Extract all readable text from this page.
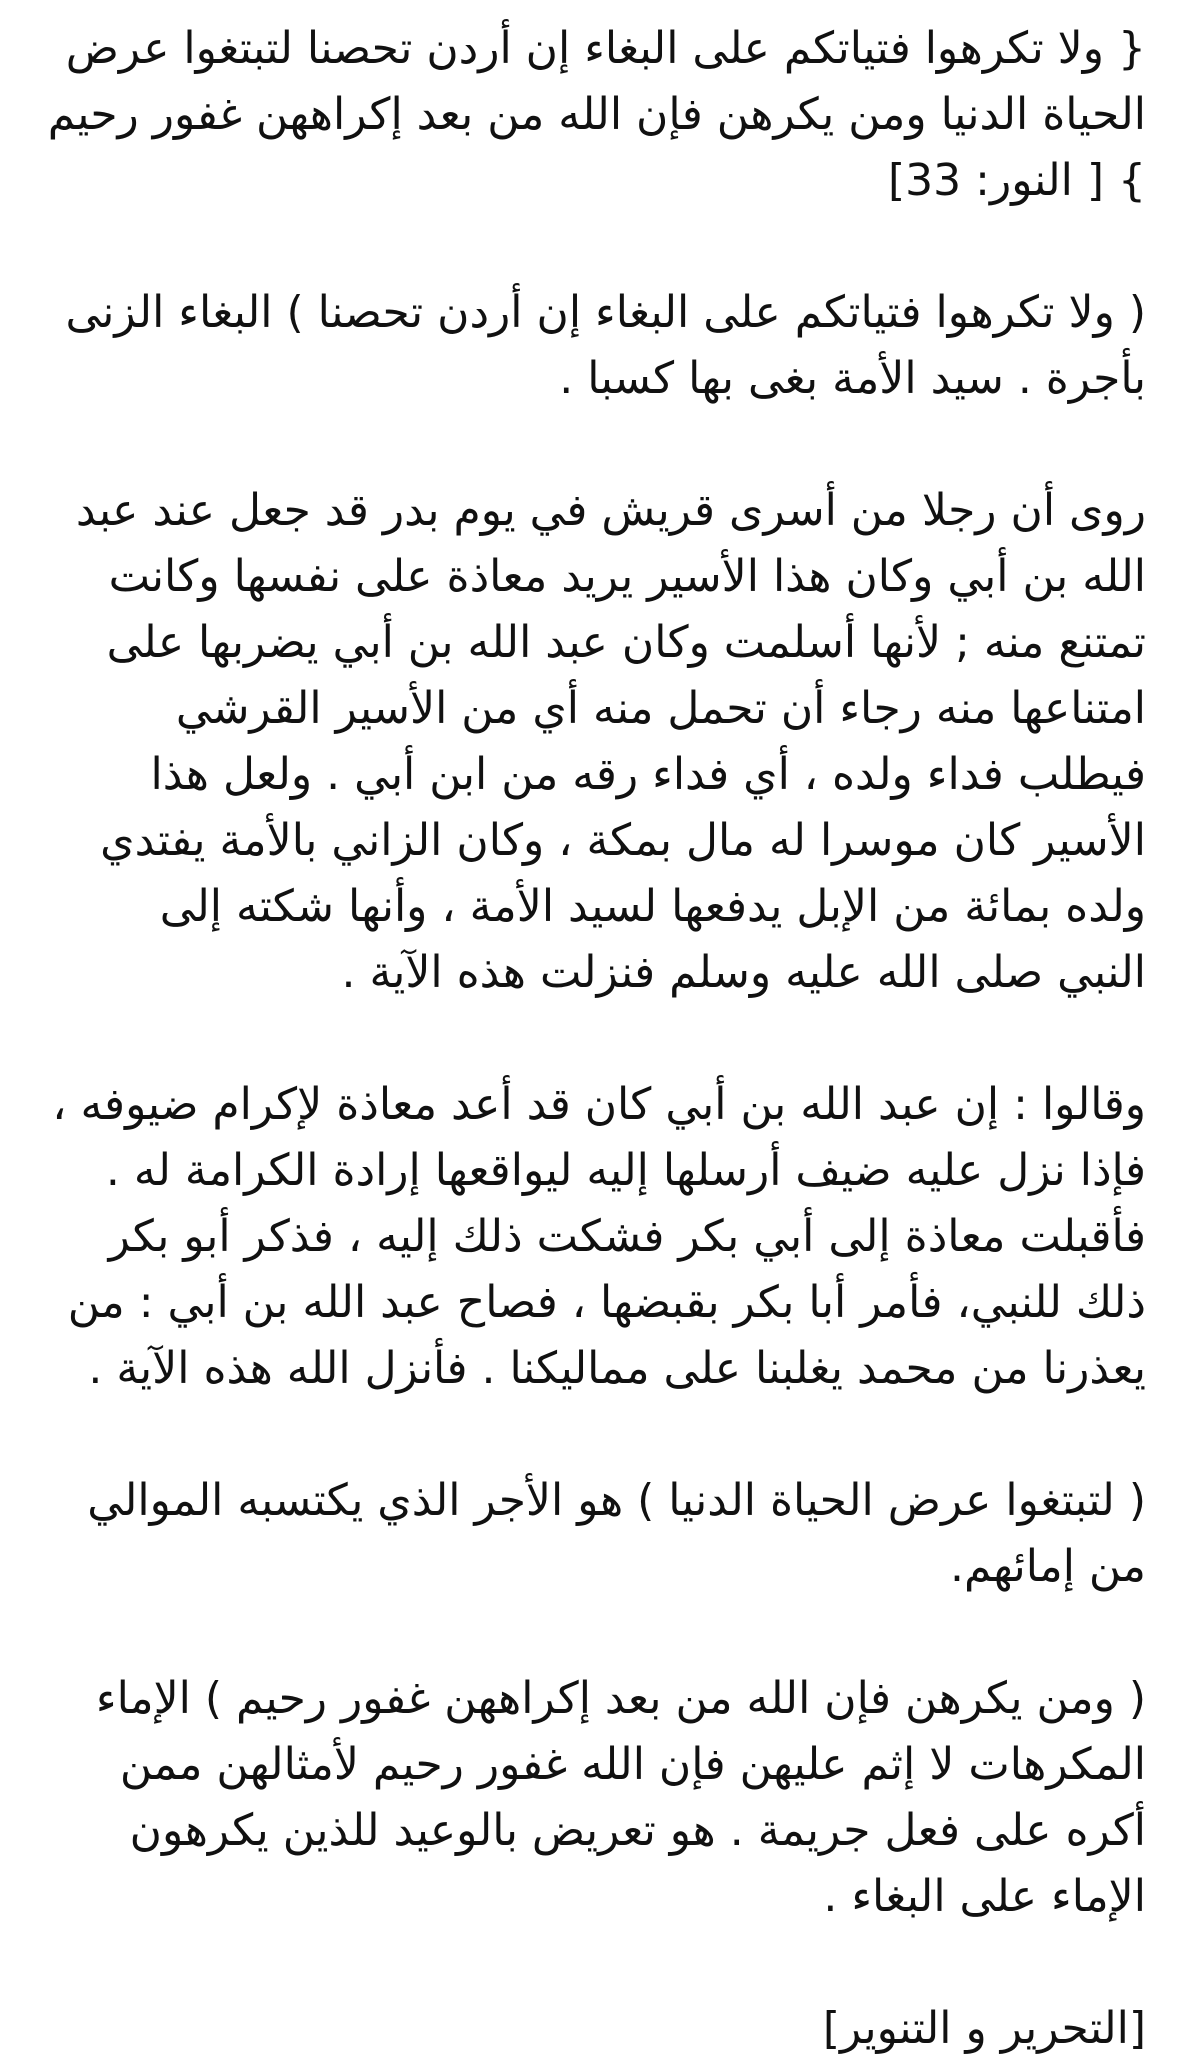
{ ولا تكرهوا فتياتكم على البغاء إن أردن تحصنا لتبتغوا عرض
الحياة الدنيا ومن يكرهن فإن الله من بعد إكراههن غفور رحيم
} [ النور: 33]

( ولا تكرهوا فتياتكم على البغاء إن أردن تحصنا ) البغاء الزنى
بأجرة . سيد الأمة بغى بها كسبا .

روى أن رجلا من أسرى قريش في يوم بدر قد جعل عند عبد
الله بن أبي وكان هذا الأسير يريد معاذة على نفسها وكانت
تمتنع منه ; لأنها أسلمت وكان عبد الله بن أبي يضربها على
امتناعها منه رجاء أن تحمل منه أي من الأسير القرشي
فيطلب فداء ولده ، أي فداء رقه من ابن أبي . ولعل هذا
الأسير كان موسرا له مال بمكة ، وكان الزاني بالأمة يفتدي
ولده بمائة من الإبل يدفعها لسيد الأمة ، وأنها شكته إلى
النبي صلى الله عليه وسلم فنزلت هذه الآية .

وقالوا : إن عبد الله بن أبي كان قد أعد معاذة لإكرام ضيوفه ،
فإذا نزل عليه ضيف أرسلها إليه ليواقعها إرادة الكرامة له .
فأقبلت معاذة إلى أبي بكر فشكت ذلك إليه ، فذكر أبو بكر
ذلك للنبي، فأمر أبا بكر بقبضها ، فصاح عبد الله بن أبي : من
يعذرنا من محمد يغلبنا على مماليكنا . فأنزل الله هذه الآية .

( لتبتغوا عرض الحياة الدنيا ) هو الأجر الذي يكتسبه الموالي
من إمائهم.

( ومن يكرهن فإن الله من بعد إكراههن غفور رحيم ) الإماء
المكرهات لا إثم عليهن فإن الله غفور رحيم لأمثالهن ممن
أكره على فعل جريمة . هو تعريض بالوعيد للذين يكرهون
الإماء على البغاء .

[التحرير و التنوير]
